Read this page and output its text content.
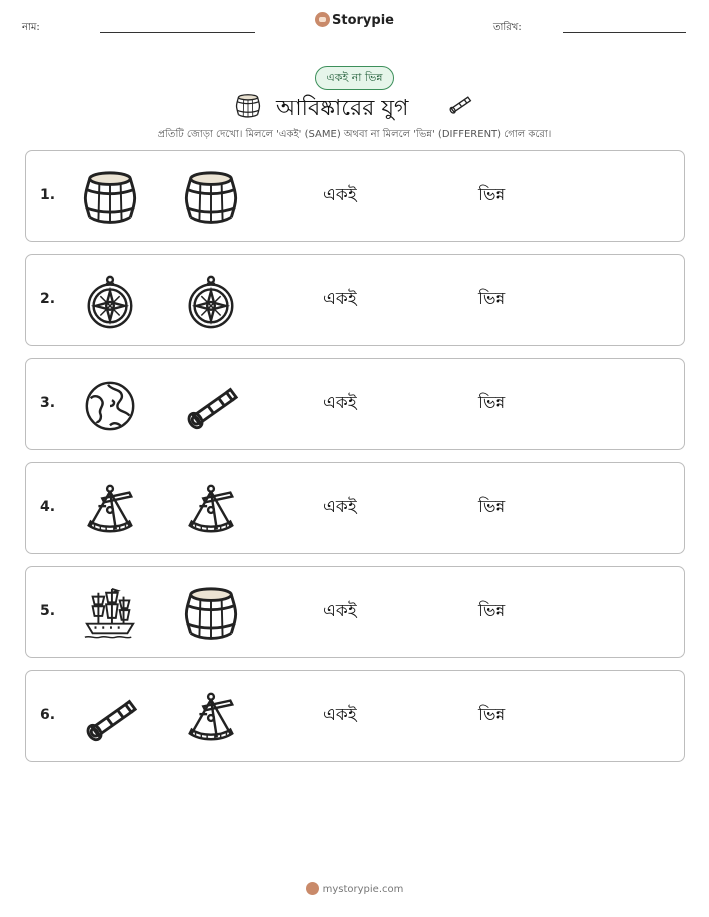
নাম:	Storypie	তারিখ:
একই না ভিন্ন
আবিষ্কারের যুগ
প্রতিটি জোড়া দেখো। মিললে 'একই' (SAME) অথবা না মিললে 'ভিন্ন' (DIFFERENT) গোল করো।
1.	একই	ভিন্ন
2.	একই	ভিন্ন
3.	একই	ভিন্ন
4.	একই	ভিন্ন
5.	একই	ভিন্ন
6.	একই	ভিন্ন
mystorypie.com
